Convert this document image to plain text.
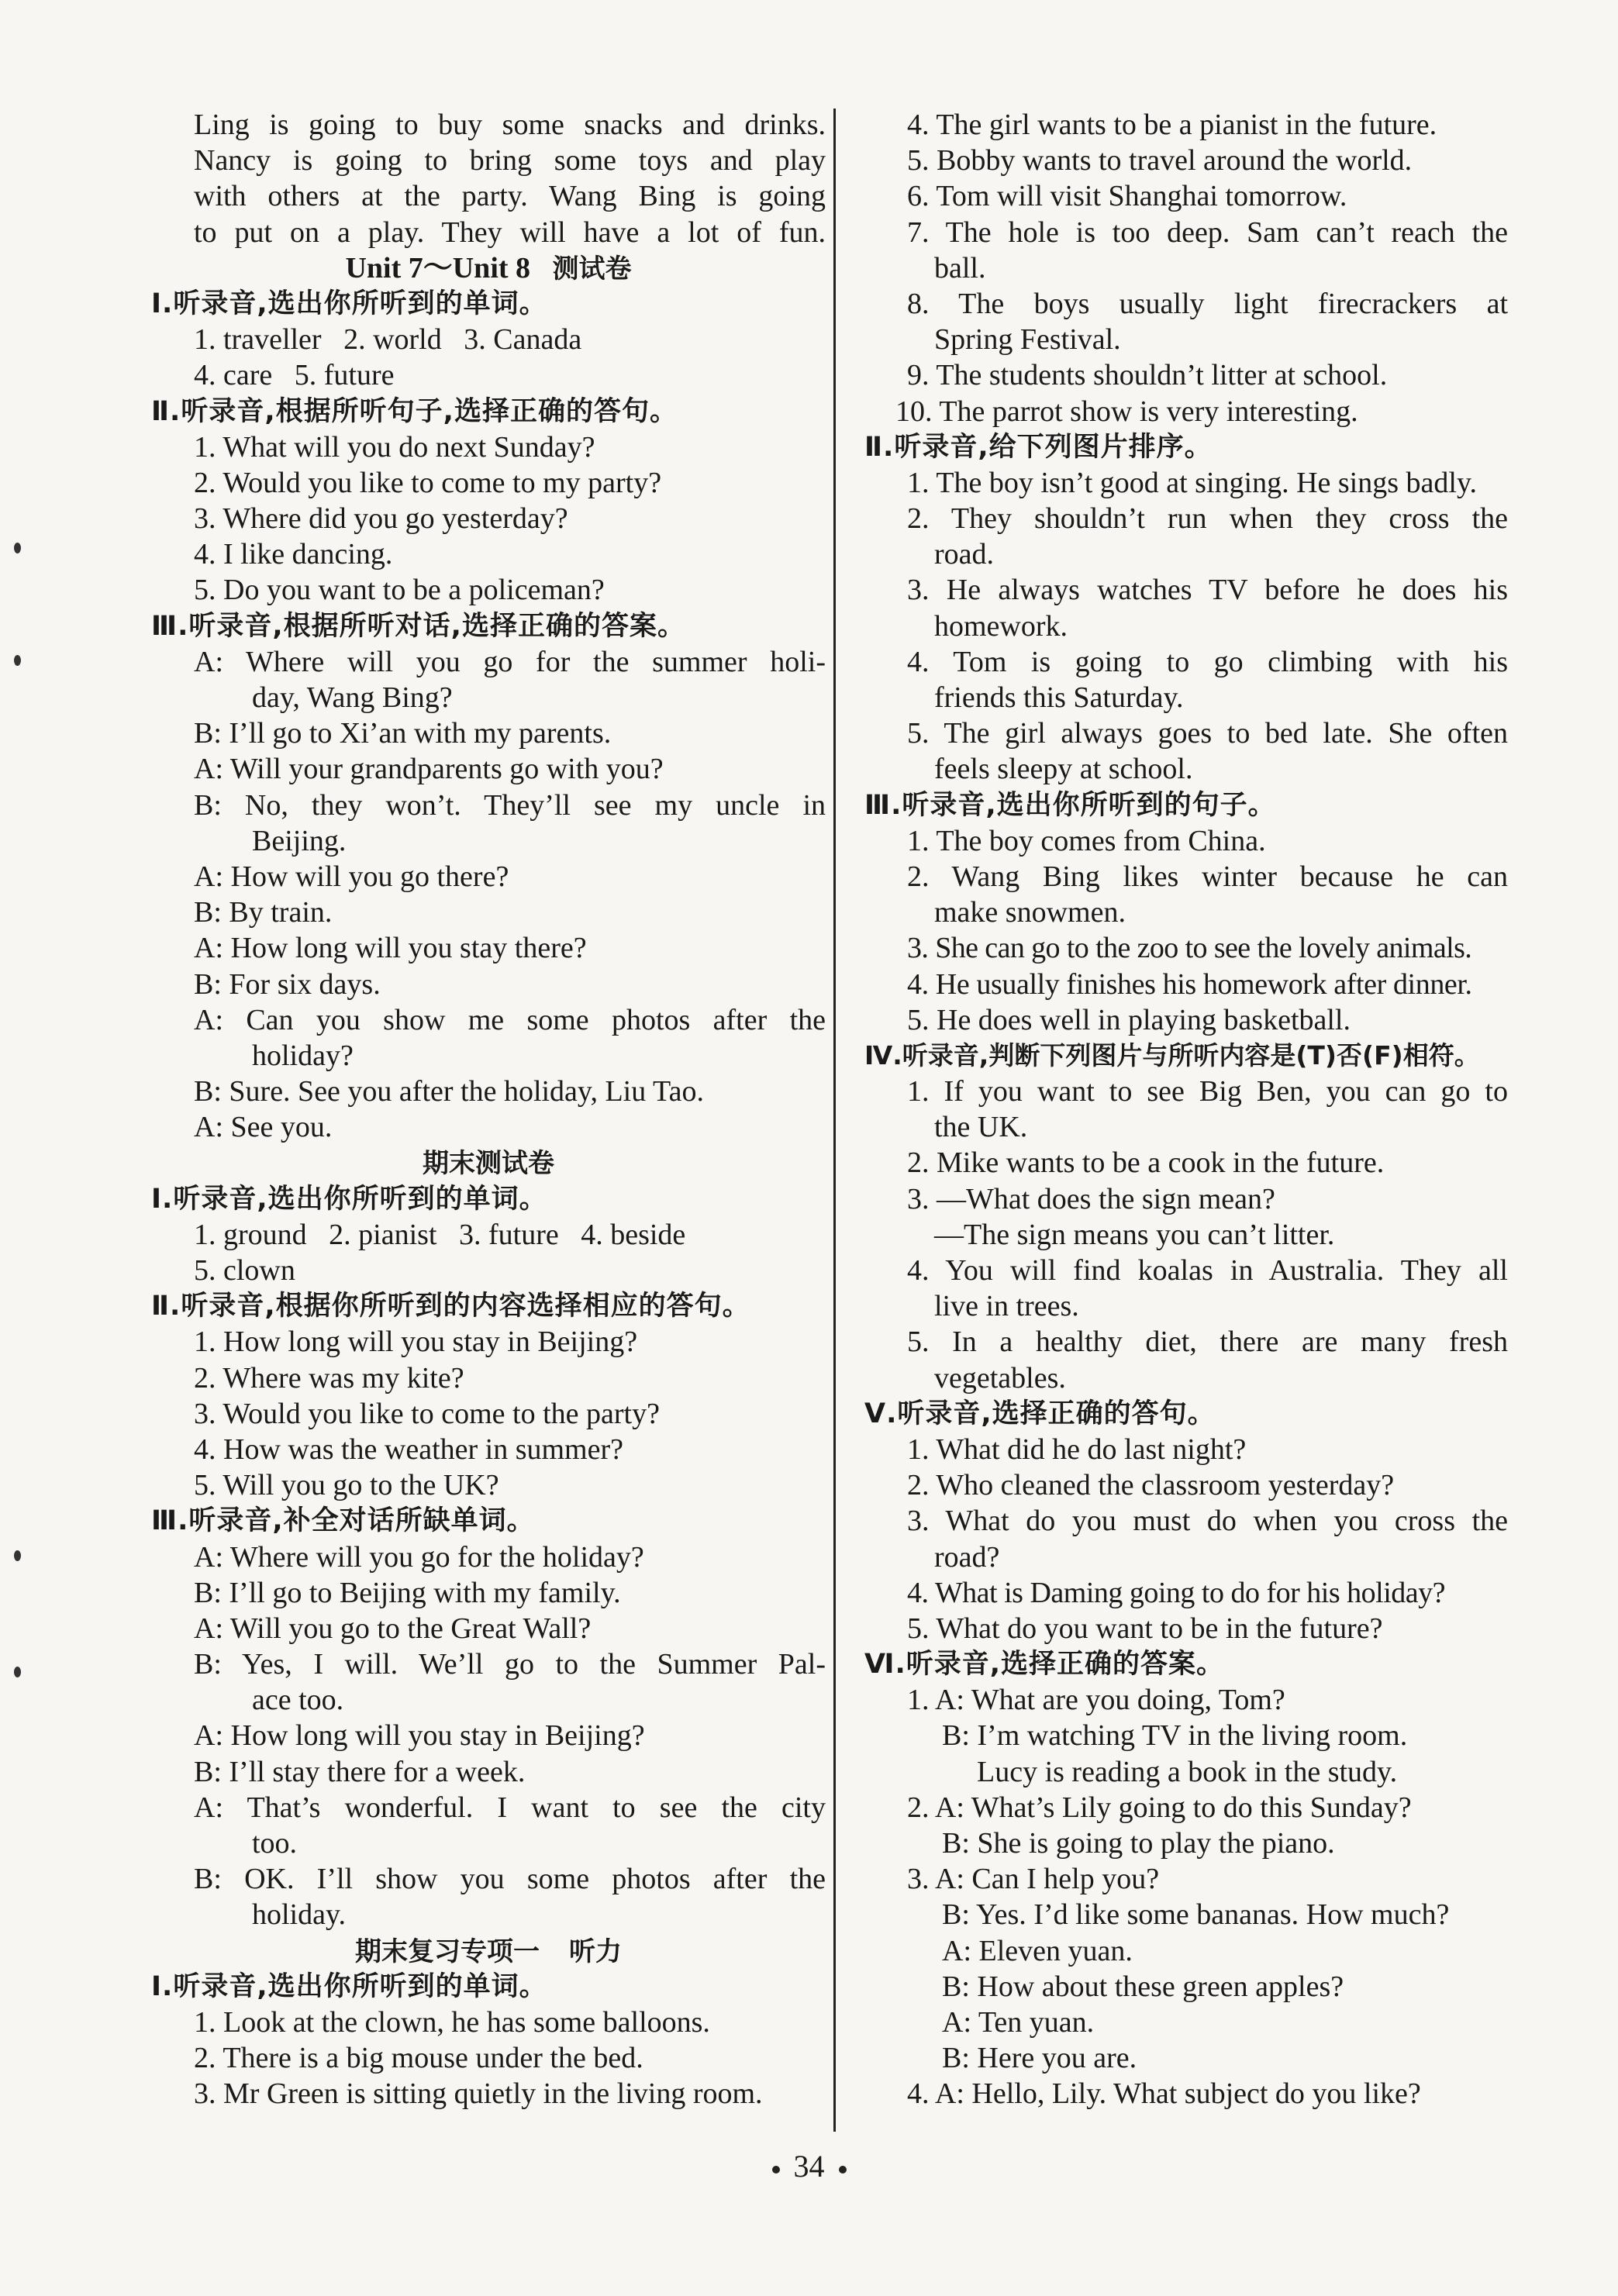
Ling is going to buy some snacks and drinks.
Nancy is going to bring some toys and play
with others at the party. Wang Bing is going
to put on a play. They will have a lot of fun.
Unit 7～Unit 8 测试卷
Ⅰ.听录音,选出你所听到的单词。
1. traveller   2. world   3. Canada
4. care   5. future
Ⅱ.听录音,根据所听句子,选择正确的答句。
1. What will you do next Sunday?
2. Would you like to come to my party?
3. Where did you go yesterday?
4. I like dancing.
5. Do you want to be a policeman?
Ⅲ.听录音,根据所听对话,选择正确的答案。
A: Where will you go for the summer holi-
day, Wang Bing?
B: I’ll go to Xi’an with my parents.
A: Will your grandparents go with you?
B: No, they won’t. They’ll see my uncle in
Beijing.
A: How will you go there?
B: By train.
A: How long will you stay there?
B: For six days.
A: Can you show me some photos after the
holiday?
B: Sure. See you after the holiday, Liu Tao.
A: See you.
期末测试卷
Ⅰ.听录音,选出你所听到的单词。
1. ground   2. pianist   3. future   4. beside
5. clown
Ⅱ.听录音,根据你所听到的内容选择相应的答句。
1. How long will you stay in Beijing?
2. Where was my kite?
3. Would you like to come to the party?
4. How was the weather in summer?
5. Will you go to the UK?
Ⅲ.听录音,补全对话所缺单词。
A: Where will you go for the holiday?
B: I’ll go to Beijing with my family.
A: Will you go to the Great Wall?
B: Yes, I will. We’ll go to the Summer Pal-
ace too.
A: How long will you stay in Beijing?
B: I’ll stay there for a week.
A: That’s wonderful. I want to see the city
too.
B: OK. I’ll show you some photos after the
holiday.
期末复习专项一 听力
Ⅰ.听录音,选出你所听到的单词。
1. Look at the clown, he has some balloons.
2. There is a big mouse under the bed.
3. Mr Green is sitting quietly in the living room.
4. The girl wants to be a pianist in the future.
5. Bobby wants to travel around the world.
6. Tom will visit Shanghai tomorrow.
7. The hole is too deep. Sam can’t reach the
ball.
8. The boys usually light firecrackers at
Spring Festival.
9. The students shouldn’t litter at school.
10. The parrot show is very interesting.
Ⅱ.听录音,给下列图片排序。
1. The boy isn’t good at singing. He sings badly.
2. They shouldn’t run when they cross the
road.
3. He always watches TV before he does his
homework.
4. Tom is going to go climbing with his
friends this Saturday.
5. The girl always goes to bed late. She often
feels sleepy at school.
Ⅲ.听录音,选出你所听到的句子。
1. The boy comes from China.
2. Wang Bing likes winter because he can
make snowmen.
3. She can go to the zoo to see the lovely animals.
4. He usually finishes his homework after dinner.
5. He does well in playing basketball.
Ⅳ.听录音,判断下列图片与所听内容是(T)否(F)相符。
1. If you want to see Big Ben, you can go to
the UK.
2. Mike wants to be a cook in the future.
3. —What does the sign mean?
—The sign means you can’t litter.
4. You will find koalas in Australia. They all
live in trees.
5. In a healthy diet, there are many fresh
vegetables.
Ⅴ.听录音,选择正确的答句。
1. What did he do last night?
2. Who cleaned the classroom yesterday?
3. What do you must do when you cross the
road?
4. What is Daming going to do for his holiday?
5. What do you want to be in the future?
Ⅵ.听录音,选择正确的答案。
1. A: What are you doing, Tom?
B: I’m watching TV in the living room.
Lucy is reading a book in the study.
2. A: What’s Lily going to do this Sunday?
B: She is going to play the piano.
3. A: Can I help you?
B: Yes. I’d like some bananas. How much?
A: Eleven yuan.
B: How about these green apples?
A: Ten yuan.
B: Here you are.
4. A: Hello, Lily. What subject do you like?
34
